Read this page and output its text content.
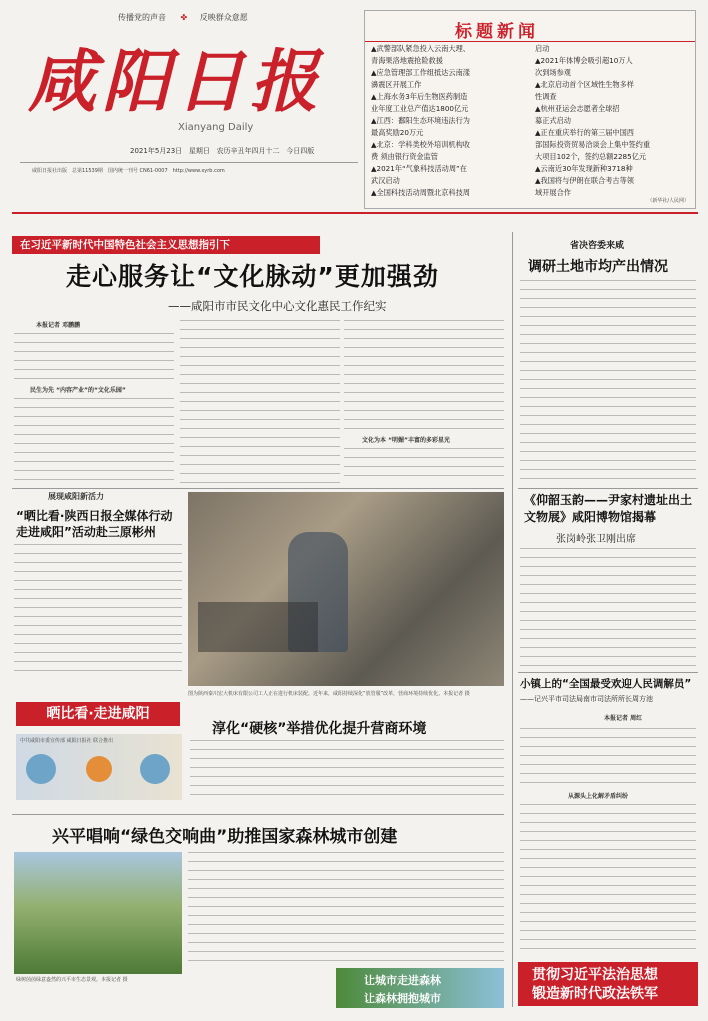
传播党的声音 ✤ 反映群众意愿
咸阳日报
Xianyang Daily
2021年5月23日 星期日 农历辛丑年四月十二 今日四版
咸阳日报社出版　总第11539期　国内统一刊号 CN61-0007　http://www.xyrb.com
标题新闻
▲武警部队紧急投入云南大理、
青海果洛地震抢险救援
▲应急管理部工作组抵达云南漾
濞震区开展工作
▲上海水务3年后生物医药制造
业年度工业总产值达1800亿元
▲江西：鄱阳生态环境违法行为
最高奖励20万元
▲北京：学科类校外培训机构收
费 须由银行资金监管
▲2021年“气象科技活动周”在
武汉启动
▲全国科技活动周暨北京科技周
启动
▲2021年体博会吸引超10万人
次到场参观
▲北京启动首个区域性生物多样
性调查
▲杭州亚运会志愿者全球招
募正式启动
▲正在重庆举行的第三届中国西
部国际投资贸易洽谈会上集中签约重
大项目102个，签约总额2285亿元
▲云南近30年发现新种3718种
▲我国将与伊朗在联合考古等领
域开展合作
（新华社/人民网）
在习近平新时代中国特色社会主义思想指引下
走心服务让“文化脉动”更加强劲
——咸阳市市民文化中心文化惠民工作纪实
本报记者 邓鹏鹏
民生为先 “内容产业”的“文化乐园”
文化为本 “明媚”丰富的多彩星光
展现咸阳新活力
“晒比看·陕西日报全媒体行动走进咸阳”活动赴三原彬州
晒比看·走进咸阳
中共咸阳市委宣传部 咸阳日报社 联合推出
图为陕西秦川宏大机床有限公司工人正在进行机床装配。近年来，咸阳持续深化“放管服”改革，营商环境持续优化。本报记者 摄
淳化“硬核”举措优化提升营商环境
兴平唱响“绿色交响曲”助推国家森林城市创建
绿树茵茵绿意盎然的兴平市生态景观。本报记者 摄	让城市走进森林
让森林拥抱城市
省决咨委来咸
调研土地市均产出情况
《仰韶玉韵——尹家村遗址出土文物展》咸阳博物馆揭幕
张岗岭张卫刚出席
小镇上的“全国最受欢迎人民调解员”
——记兴平市司法局南市司法所所长周方池
本报记者 周红
从源头上化解矛盾纠纷
贯彻习近平法治思想
锻造新时代政法铁军
